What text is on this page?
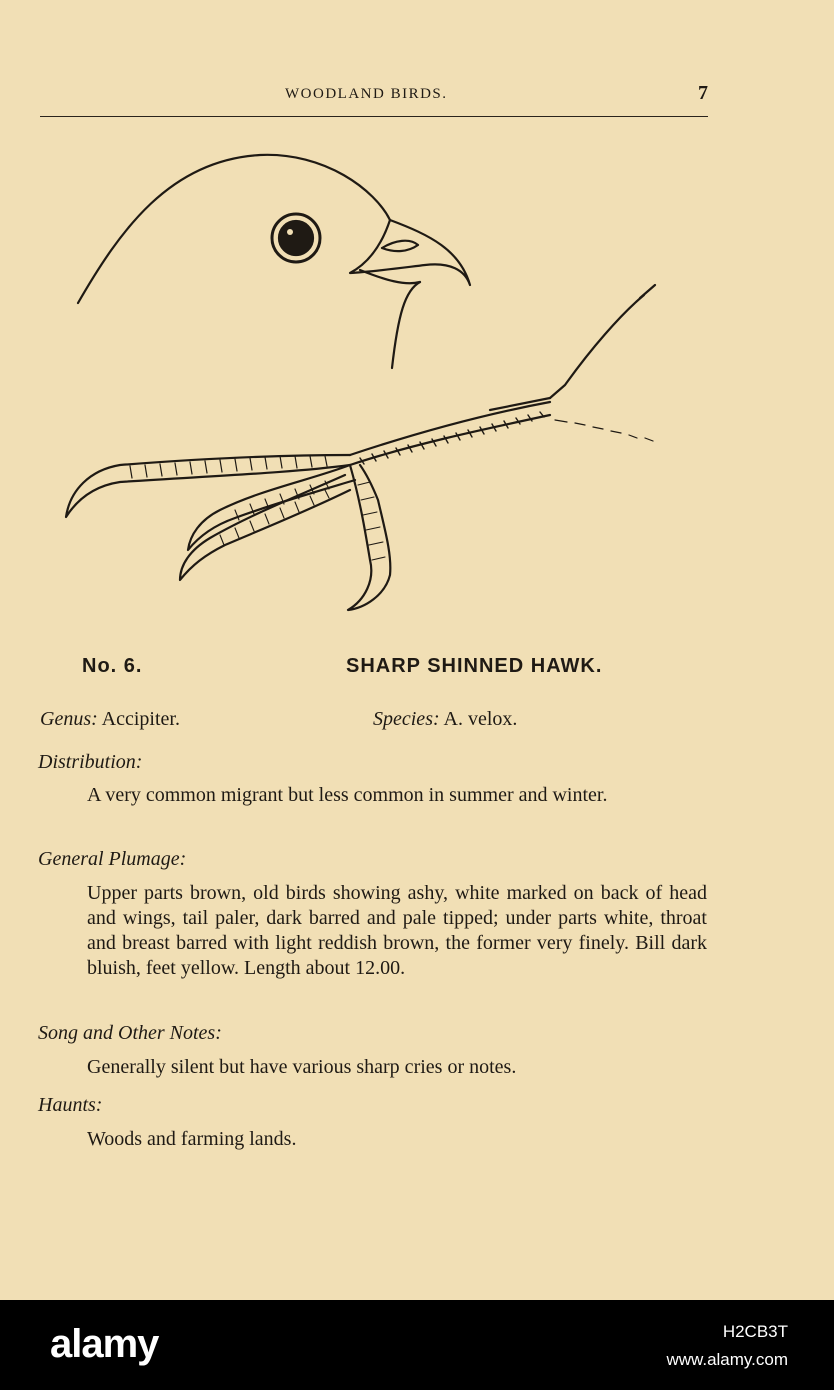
WOODLAND BIRDS.	7
No. 6.	SHARP SHINNED HAWK.
Genus: Accipiter.	Species: A. velox.
Distribution:
A very common migrant but less common in summer and winter.
General Plumage:
Upper parts brown, old birds showing ashy, white marked on back of head and wings, tail paler, dark barred and pale tipped; under parts white, throat and breast barred with light reddish brown, the former very finely. Bill dark bluish, feet yellow. Length about 12.00.
Song and Other Notes:
Generally silent but have various sharp cries or notes.
Haunts:
Woods and farming lands.
alamy	H2CB3T
www.alamy.com
